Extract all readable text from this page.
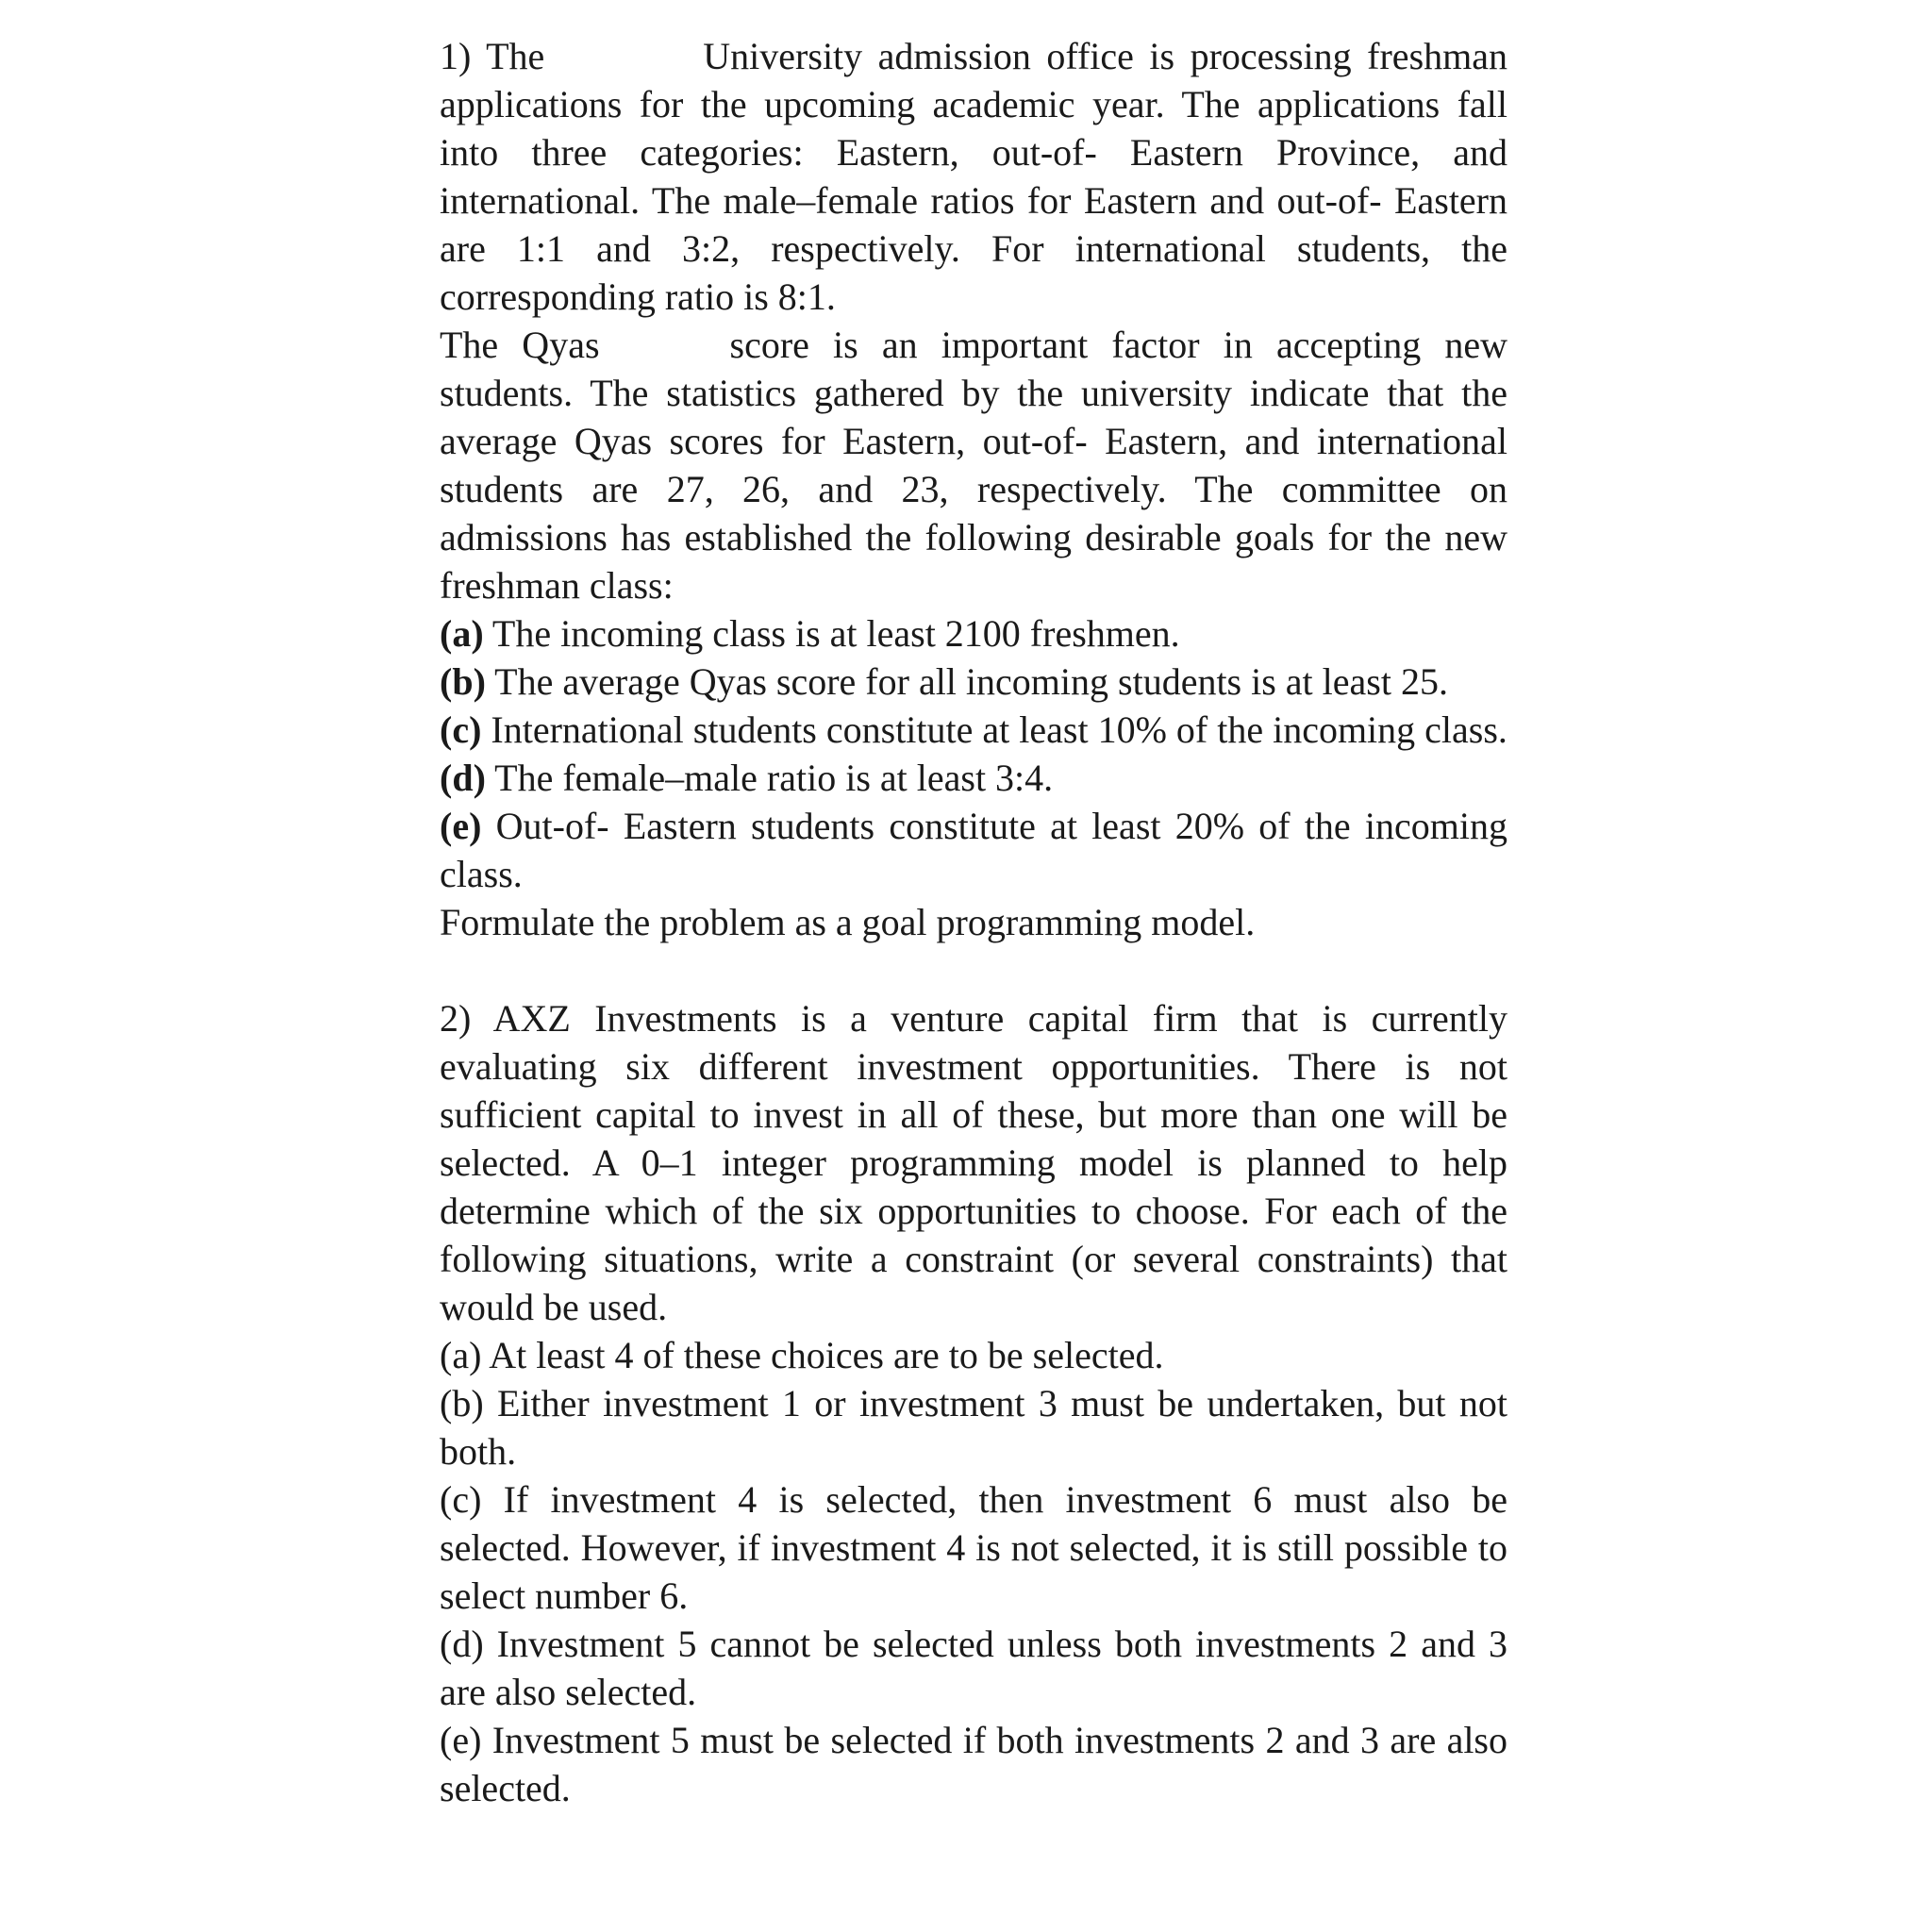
1) The	University admission office is processing freshman applications for the upcoming academic year. The applications fall into three categories: Eastern, out-of- Eastern Province, and international. The male–female ratios for Eastern and out-of- Eastern are 1:1 and 3:2, respectively. For international students, the corresponding ratio is 8:1.

The Qyas	score is an important factor in accepting new students. The statistics gathered by the university indicate that the average Qyas scores for Eastern, out-of- Eastern, and international students are 27, 26, and 23, respectively. The committee on admissions has established the following desirable goals for the new freshman class:

(a) The incoming class is at least 2100 freshmen.

(b) The average Qyas score for all incoming students is at least 25.

(c) International students constitute at least 10% of the incoming class.

(d) The female–male ratio is at least 3:4.

(e) Out-of- Eastern students constitute at least 20% of the incoming class.

Formulate the problem as a goal programming model.

2) AXZ Investments is a venture capital firm that is currently evaluating six different investment opportunities. There is not sufficient capital to invest in all of these, but more than one will be selected. A 0–1 integer programming model is planned to help determine which of the six opportunities to choose. For each of the following situations, write a constraint (or several constraints) that would be used.

(a) At least 4 of these choices are to be selected.

(b) Either investment 1 or investment 3 must be undertaken, but not both.

(c) If investment 4 is selected, then investment 6 must also be selected. However, if investment 4 is not selected, it is still possible to select number 6.

(d) Investment 5 cannot be selected unless both investments 2 and 3 are also selected.

(e) Investment 5 must be selected if both investments 2 and 3 are also selected.
